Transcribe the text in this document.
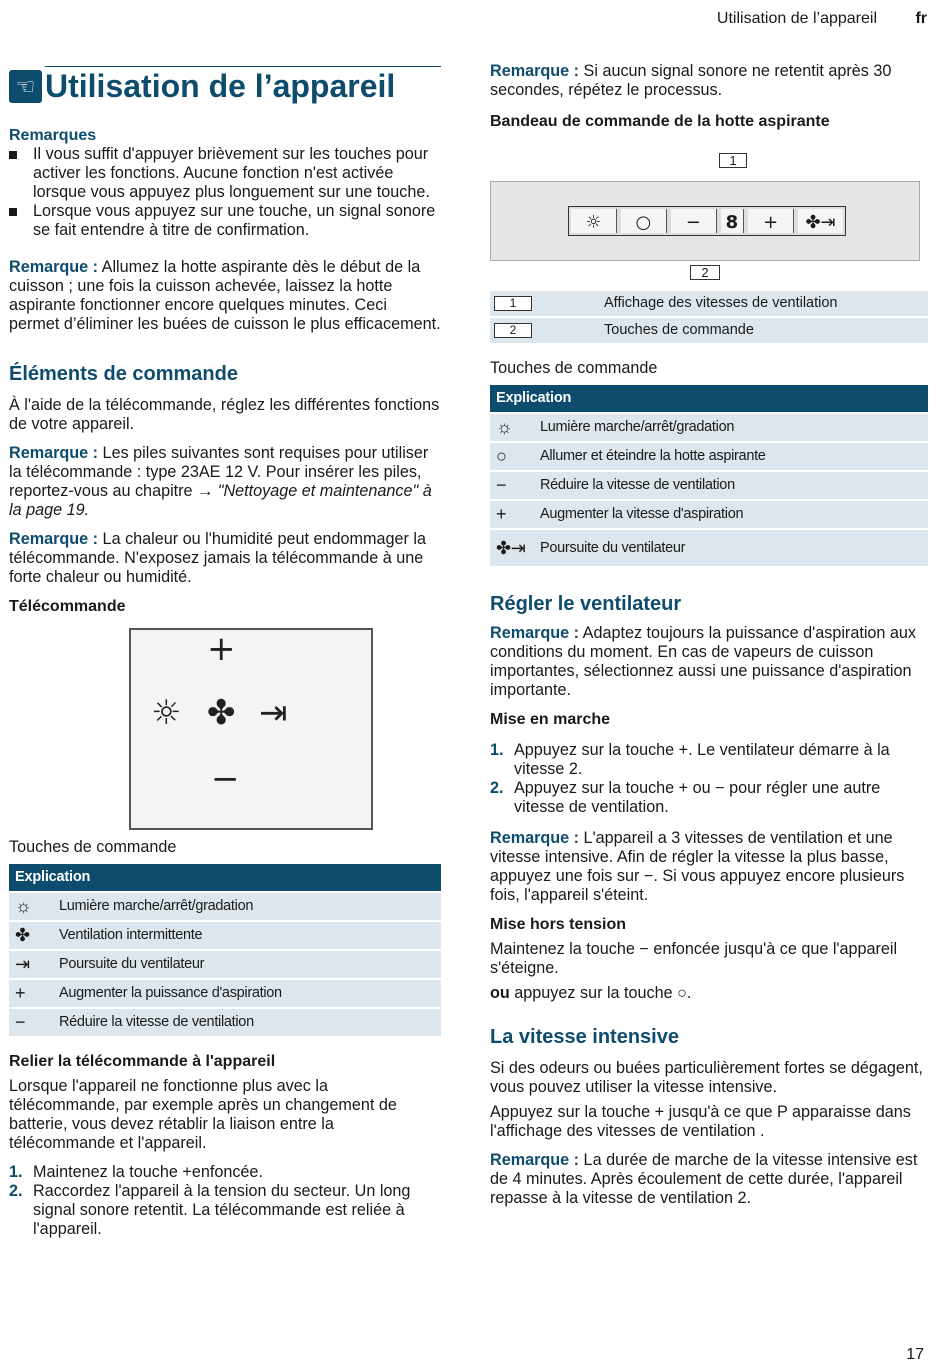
Utilisation de l’appareil fr
☜ Utilisation de l’appareil
Remarques
Il vous suffit d'appuyer brièvement sur les touches pour activer les fonctions. Aucune fonction n'est activée lorsque vous appuyez plus longuement sur une touche.
Lorsque vous appuyez sur une touche, un signal sonore se fait entendre à titre de confirmation.

Remarque : Allumez la hotte aspirante dès le début de la cuisson ; une fois la cuisson achevée, laissez la hotte aspirante fonctionner encore quelques minutes. Ceci permet d’éliminer les buées de cuisson le plus efficacement.

Éléments de commande

À l'aide de la télécommande, réglez les différentes fonctions de votre appareil.

Remarque : Les piles suivantes sont requises pour utiliser la télécommande : type 23AE 12 V. Pour insérer les piles, reportez-vous au chapitre → "Nettoyage et maintenance" à la page 19.

Remarque : La chaleur ou l'humidité peut endommager la télécommande. N'exposez jamais la télécommande à une forte chaleur ou humidité.

Télécommande
+
☼ ✤ ⇥
−
Touches de commande
Explication	
☼	Lumière marche/arrêt/gradation
✤	Ventilation intermittente
⇥	Poursuite du ventilateur
+	Augmenter la puissance d'aspiration
−	Réduire la vitesse de ventilation
Relier la télécommande à l'appareil

Lorsque l'appareil ne fonctionne plus avec la télécommande, par exemple après un changement de batterie, vous devez rétablir la liaison entre la télécommande et l'appareil.

1. Maintenez la touche +enfoncée.
2. Raccordez l'appareil à la tension du secteur. Un long signal sonore retentit. La télécommande est reliée à l'appareil.

Remarque : Si aucun signal sonore ne retentit après 30 secondes, répétez le processus.

Bandeau de commande de la hotte aspirante
1
☼	○	−	8	+	✤⇥
2
1	Affichage des vitesses de ventilation
2	Touches de commande
Touches de commande
Explication	
☼	Lumière marche/arrêt/gradation
○	Allumer et éteindre la hotte aspirante
−	Réduire la vitesse de ventilation
+	Augmenter la vitesse d'aspiration
✤⇥	Poursuite du ventilateur
Régler le ventilateur

Remarque : Adaptez toujours la puissance d'aspiration aux conditions du moment. En cas de vapeurs de cuisson importantes, sélectionnez aussi une puissance d'aspiration importante.

Mise en marche
1. Appuyez sur la touche +. Le ventilateur démarre à la vitesse 2.
2. Appuyez sur la touche + ou − pour régler une autre vitesse de ventilation.

Remarque : L'appareil a 3 vitesses de ventilation et une vitesse intensive. Afin de régler la vitesse la plus basse, appuyez une fois sur −. Si vous appuyez encore plusieurs fois, l'appareil s'éteint.

Mise hors tension

Maintenez la touche − enfoncée jusqu'à ce que l'appareil s'éteigne.

ou appuyez sur la touche ○.

La vitesse intensive

Si des odeurs ou buées particulièrement fortes se dégagent, vous pouvez utiliser la vitesse intensive.

Appuyez sur la touche + jusqu'à ce que P apparaisse dans l'affichage des vitesses de ventilation .

Remarque : La durée de marche de la vitesse intensive est de 4 minutes. Après écoulement de cette durée, l'appareil repasse à la vitesse de ventilation 2.

17
